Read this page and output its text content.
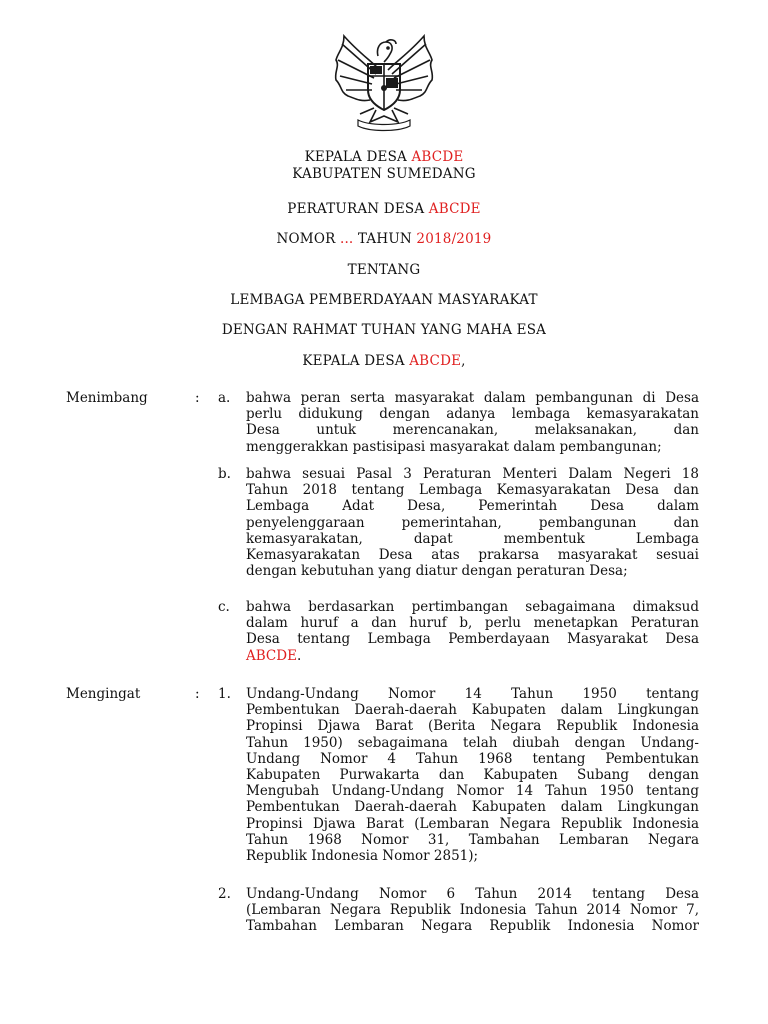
KEPALA DESA ABCDE
KABUPATEN SUMEDANG
PERATURAN DESA ABCDE
NOMOR ... TAHUN 2018/2019
TENTANG
LEMBAGA PEMBERDAYAAN MASYARAKAT
DENGAN RAHMAT TUHAN YANG MAHA ESA
KEPALA DESA ABCDE,
Menimbang	: a. bahwa peran serta masyarakat dalam pembangunan di Desa
perlu didukung dengan adanya lembaga kemasyarakatan
Desa untuk merencanakan, melaksanakan, dan
menggerakkan pastisipasi masyarakat dalam pembangunan;
b. bahwa sesuai Pasal 3 Peraturan Menteri Dalam Negeri 18
Tahun 2018 tentang Lembaga Kemasyarakatan Desa dan
Lembaga Adat Desa, Pemerintah Desa dalam
penyelenggaraan pemerintahan, pembangunan dan
kemasyarakatan, dapat membentuk Lembaga
Kemasyarakatan Desa atas prakarsa masyarakat sesuai
dengan kebutuhan yang diatur dengan peraturan Desa;
c. bahwa berdasarkan pertimbangan sebagaimana dimaksud
dalam huruf a dan huruf b, perlu menetapkan Peraturan
Desa tentang Lembaga Pemberdayaan Masyarakat Desa
ABCDE.
Mengingat	: 1. Undang-Undang Nomor 14 Tahun 1950 tentang
Pembentukan Daerah-daerah Kabupaten dalam Lingkungan
Propinsi Djawa Barat (Berita Negara Republik Indonesia
Tahun 1950) sebagaimana telah diubah dengan Undang-
Undang Nomor 4 Tahun 1968 tentang Pembentukan
Kabupaten Purwakarta dan Kabupaten Subang dengan
Mengubah Undang-Undang Nomor 14 Tahun 1950 tentang
Pembentukan Daerah-daerah Kabupaten dalam Lingkungan
Propinsi Djawa Barat (Lembaran Negara Republik Indonesia
Tahun 1968 Nomor 31, Tambahan Lembaran Negara
Republik Indonesia Nomor 2851);
2. Undang-Undang Nomor 6 Tahun 2014 tentang Desa
(Lembaran Negara Republik Indonesia Tahun 2014 Nomor 7,
Tambahan Lembaran Negara Republik Indonesia Nomor
